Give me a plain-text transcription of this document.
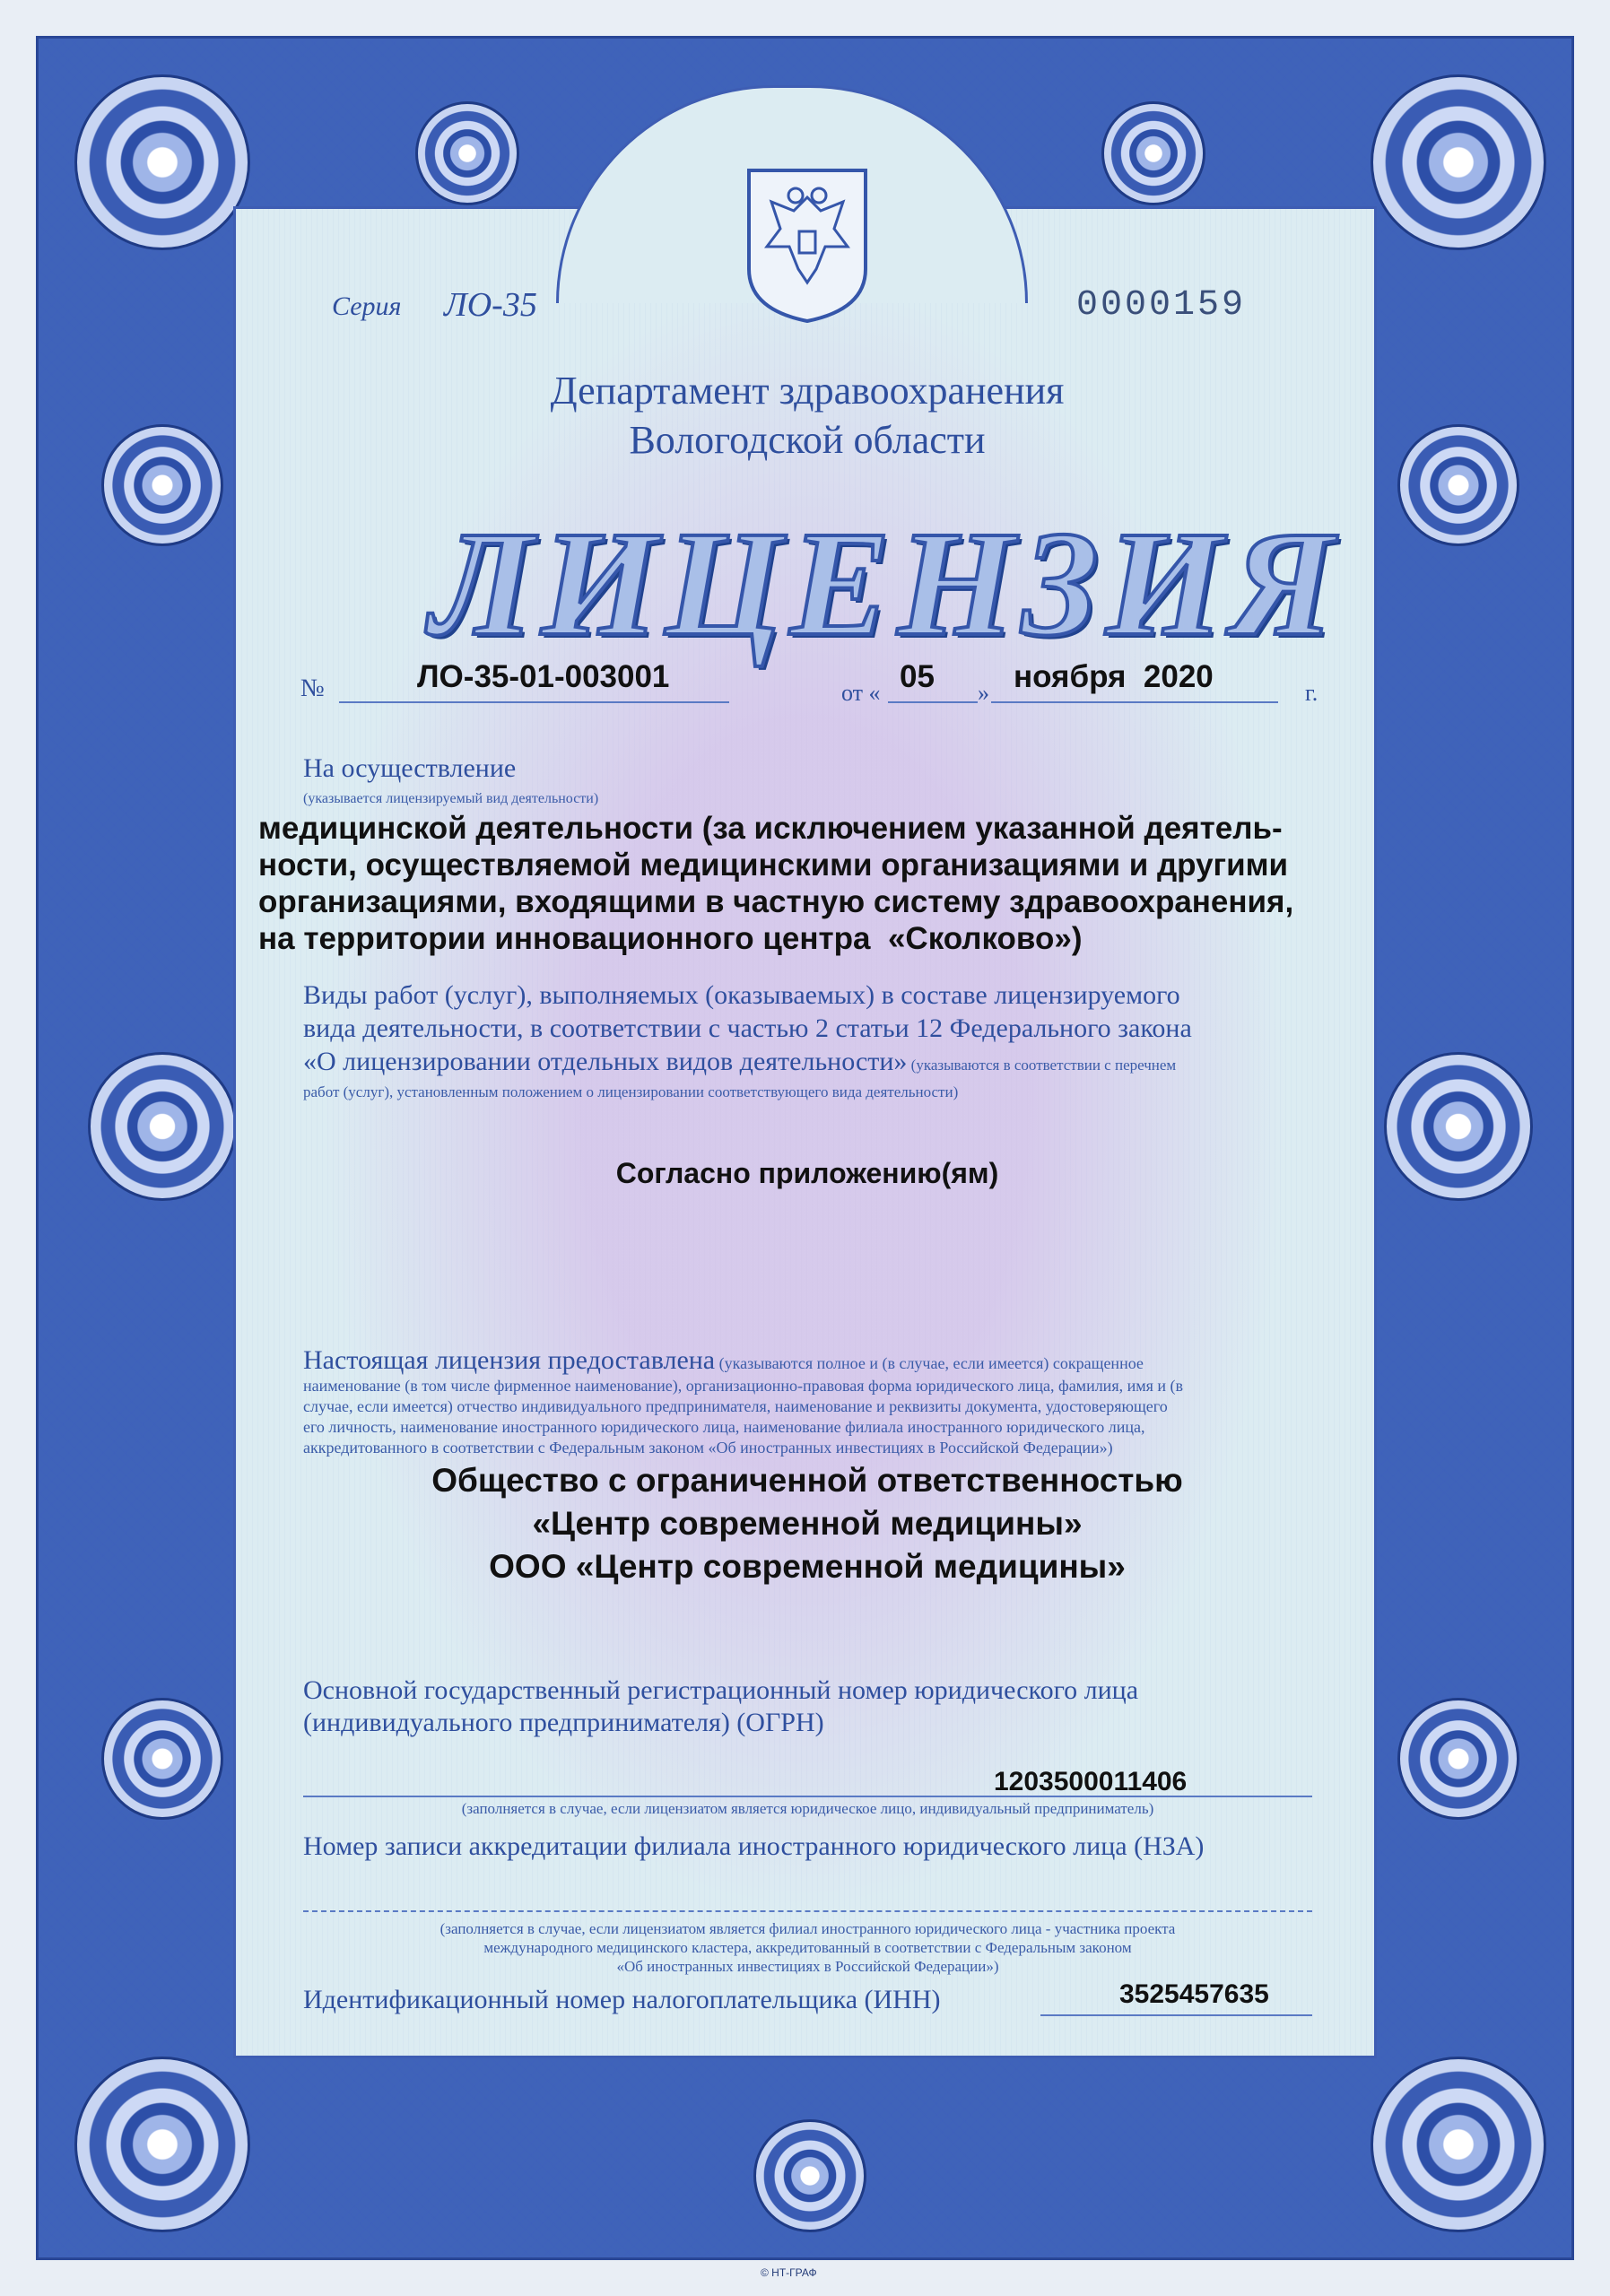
Серия ЛО-35	0000159
Департамент здравоохранения
Вологодской области
ЛИЦЕНЗИЯ
№	ЛО-35-01-003001	от « 05 » ноября  2020	г.
На осуществление
(указывается лицензируемый вид деятельности)
медицинской деятельности (за исключением указанной деятель-
ности, осуществляемой медицинскими организациями и другими
организациями, входящими в частную систему здравоохранения,
на территории инновационного центра  «Сколково»)
Виды работ (услуг), выполняемых (оказываемых) в составе лицензируемого
вида деятельности, в соответствии с частью 2 статьи 12 Федерального закона
«О лицензировании отдельных видов деятельности» (указываются в соответствии с перечнем
работ (услуг), установленным положением о лицензировании соответствующего вида деятельности)
Согласно приложению(ям)
Настоящая лицензия предоставлена (указываются полное и (в случае, если имеется) сокращенное
наименование (в том числе фирменное наименование), организационно-правовая форма юридического лица, фамилия, имя и (в
случае, если имеется) отчество индивидуального предпринимателя, наименование и реквизиты документа, удостоверяющего
его личность, наименование иностранного юридического лица, наименование филиала иностранного юридического лица,
аккредитованного в соответствии с Федеральным законом «Об иностранных инвестициях в Российской Федерации»)
Общество с ограниченной ответственностью
«Центр современной медицины»
ООО «Центр современной медицины»
Основной государственный регистрационный номер юридического лица
(индивидуального предпринимателя) (ОГРН)
1203500011406
(заполняется в случае, если лицензиатом является юридическое лицо, индивидуальный предприниматель)
Номер записи аккредитации филиала иностранного юридического лица (НЗА)
(заполняется в случае, если лицензиатом является филиал иностранного юридического лица - участника проекта
международного медицинского кластера, аккредитованный в соответствии с Федеральным законом
«Об иностранных инвестициях в Российской Федерации»)
Идентификационный номер налогоплательщика (ИНН)	3525457635
© НТ-ГРАФ
